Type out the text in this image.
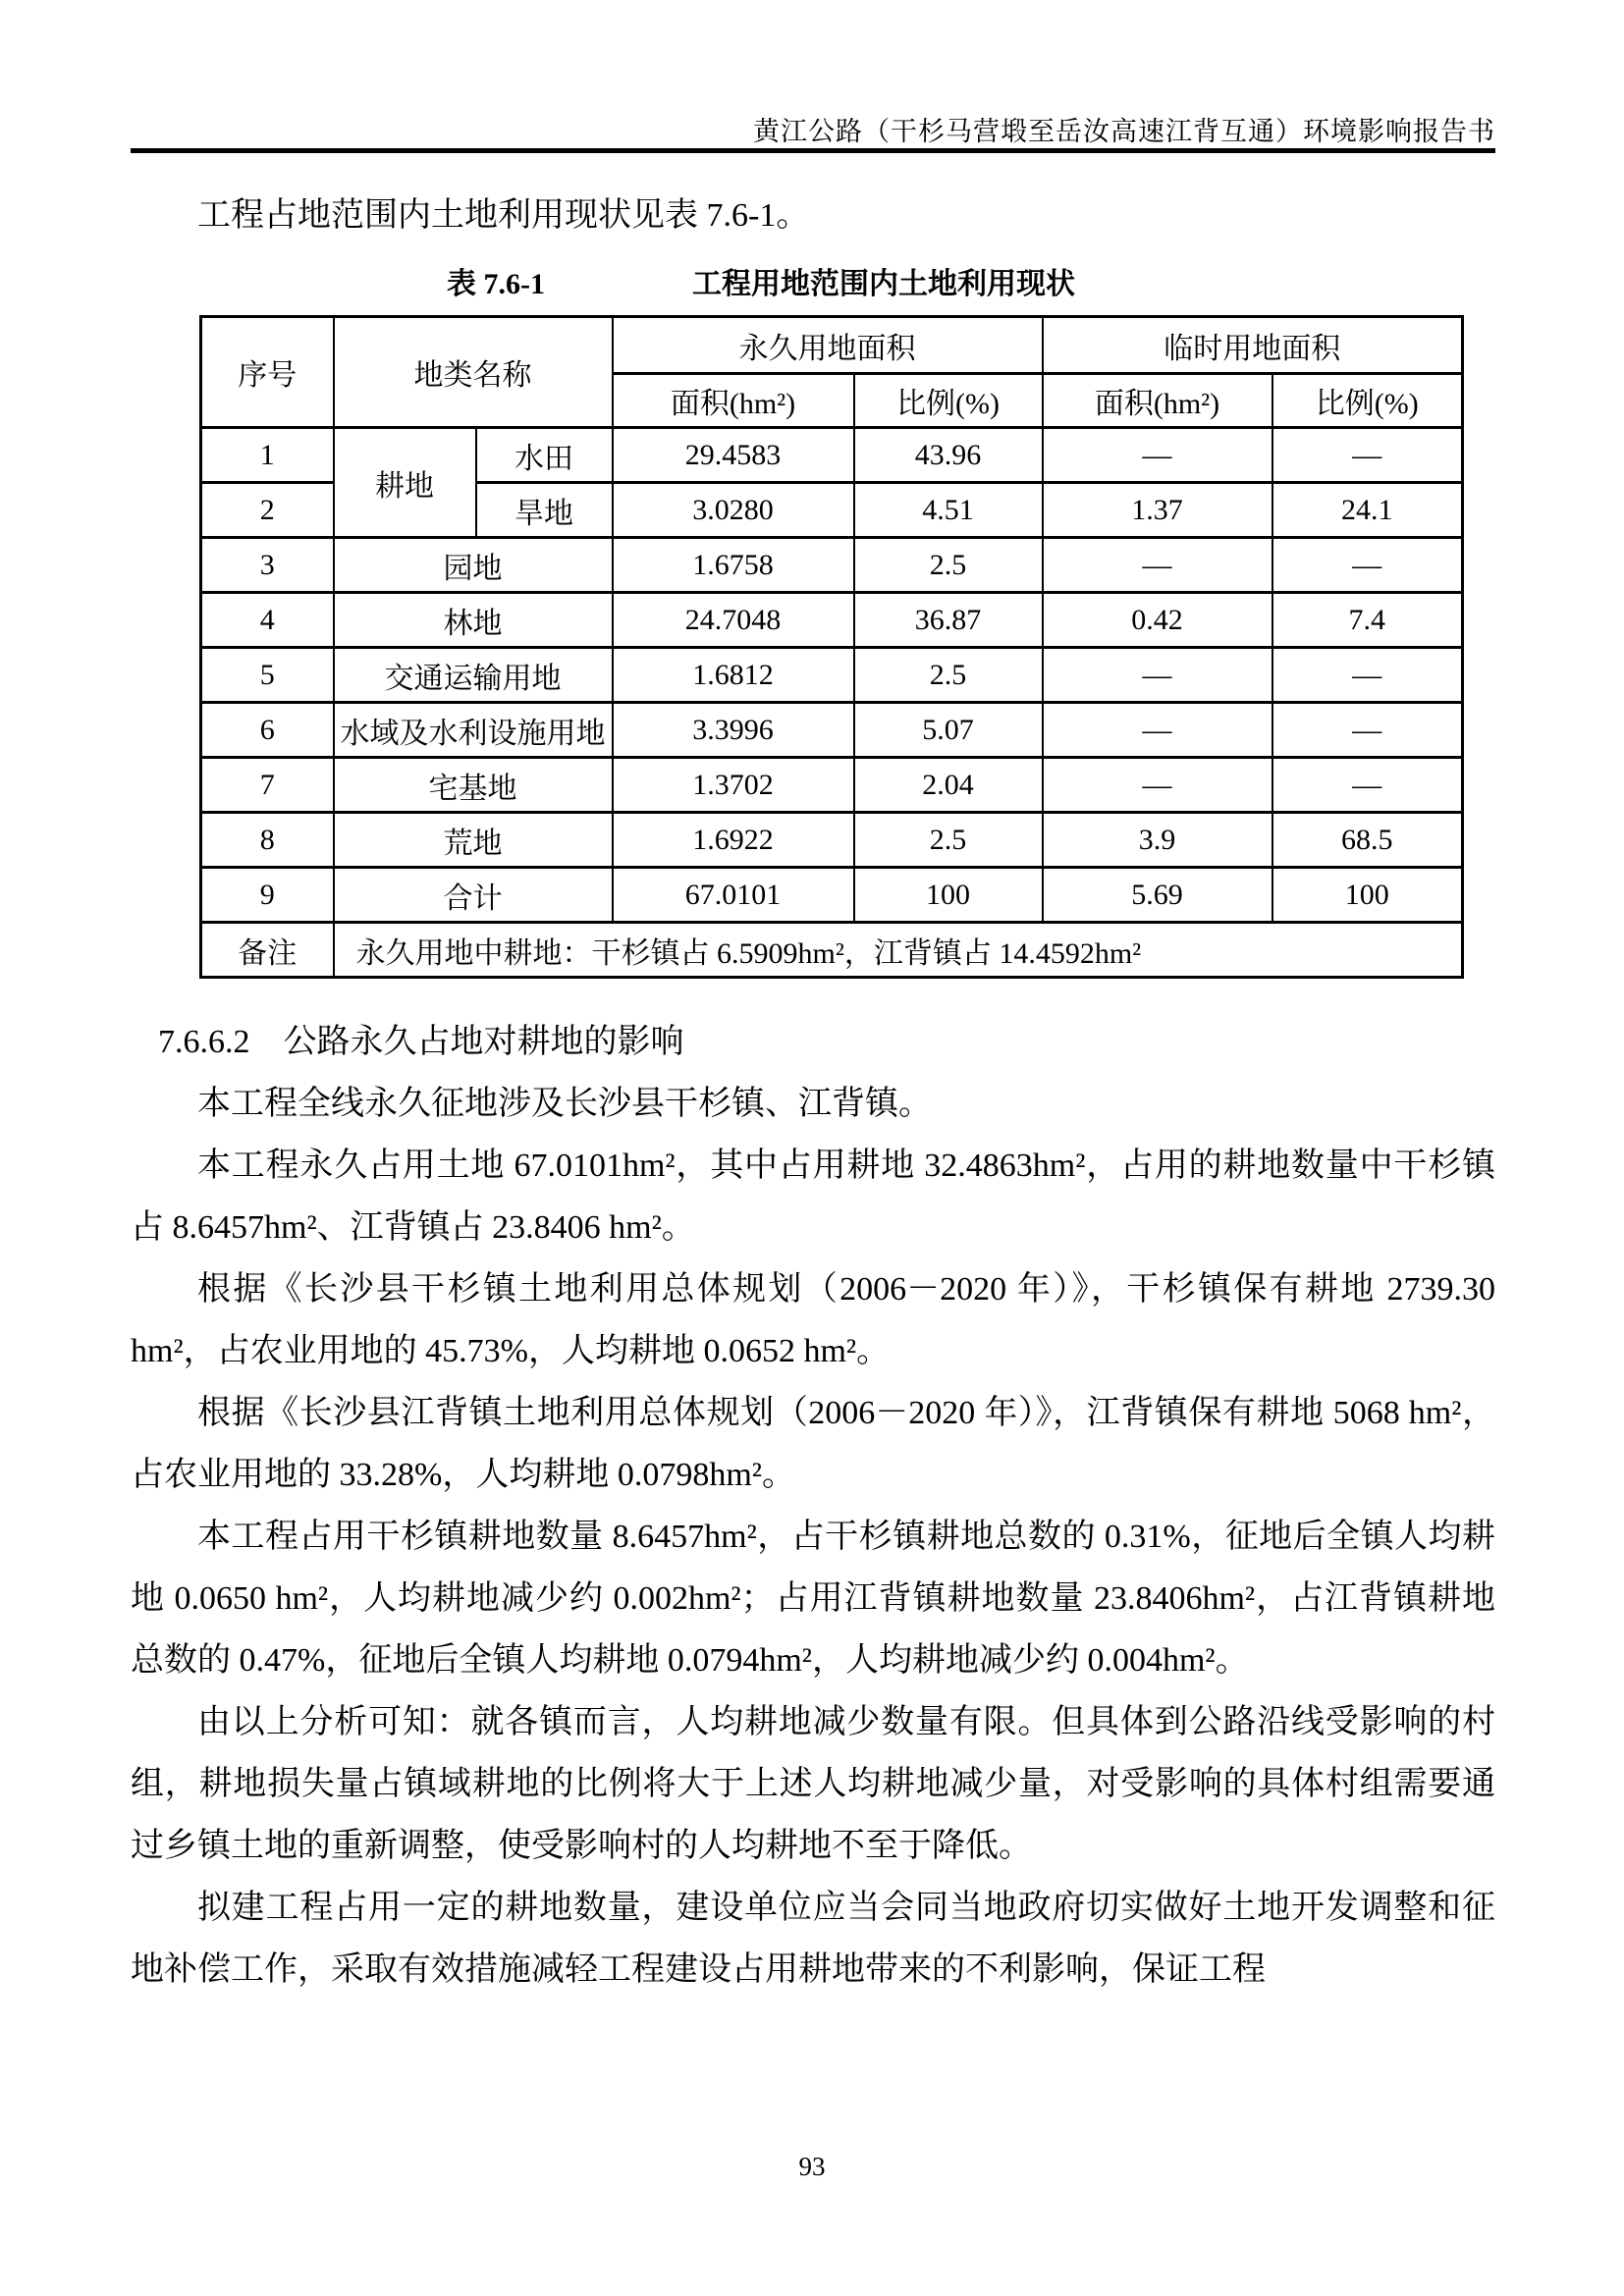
黄江公路（干杉马营塅至岳汝高速江背互通）环境影响报告书

工程占地范围内土地利用现状见表 7.6-1。

表 7.6-1	工程用地范围内土地利用现状
序号	地类名称		永久用地面积		临时用地面积	
			面积(hm²)	比例(%)	面积(hm²)	比例(%)
1	耕地	水田	29.4583	43.96	—	—
2		旱地	3.0280	4.51	1.37	24.1
3	园地		1.6758	2.5	—	—
4	林地		24.7048	36.87	0.42	7.4
5	交通运输用地		1.6812	2.5	—	—
6	水域及水利设施用地		3.3996	5.07	—	—
7	宅基地		1.3702	2.04	—	—
8	荒地		1.6922	2.5	3.9	68.5
9	合计		67.0101	100	5.69	100
备注	永久用地中耕地：干杉镇占 6.5909hm²，江背镇占 14.4592hm²					

7.6.6.2　公路永久占地对耕地的影响

本工程全线永久征地涉及长沙县干杉镇、江背镇。

本工程永久占用土地 67.0101hm²，其中占用耕地 32.4863hm²，占用的耕地数量中干杉镇占 8.6457hm²、江背镇占 23.8406 hm²。

根据《长沙县干杉镇土地利用总体规划（2006－2020 年）》，干杉镇保有耕地 2739.30 hm²，占农业用地的 45.73%，人均耕地 0.0652 hm²。

根据《长沙县江背镇土地利用总体规划（2006－2020 年）》，江背镇保有耕地 5068 hm²，占农业用地的 33.28%，人均耕地 0.0798hm²。

本工程占用干杉镇耕地数量 8.6457hm²，占干杉镇耕地总数的 0.31%，征地后全镇人均耕地 0.0650 hm²，人均耕地减少约 0.002hm²；占用江背镇耕地数量 23.8406hm²，占江背镇耕地总数的 0.47%，征地后全镇人均耕地 0.0794hm²，人均耕地减少约 0.004hm²。

由以上分析可知：就各镇而言，人均耕地减少数量有限。但具体到公路沿线受影响的村组，耕地损失量占镇域耕地的比例将大于上述人均耕地减少量，对受影响的具体村组需要通过乡镇土地的重新调整，使受影响村的人均耕地不至于降低。

拟建工程占用一定的耕地数量，建设单位应当会同当地政府切实做好土地开发调整和征地补偿工作，采取有效措施减轻工程建设占用耕地带来的不利影响，保证工程

93
